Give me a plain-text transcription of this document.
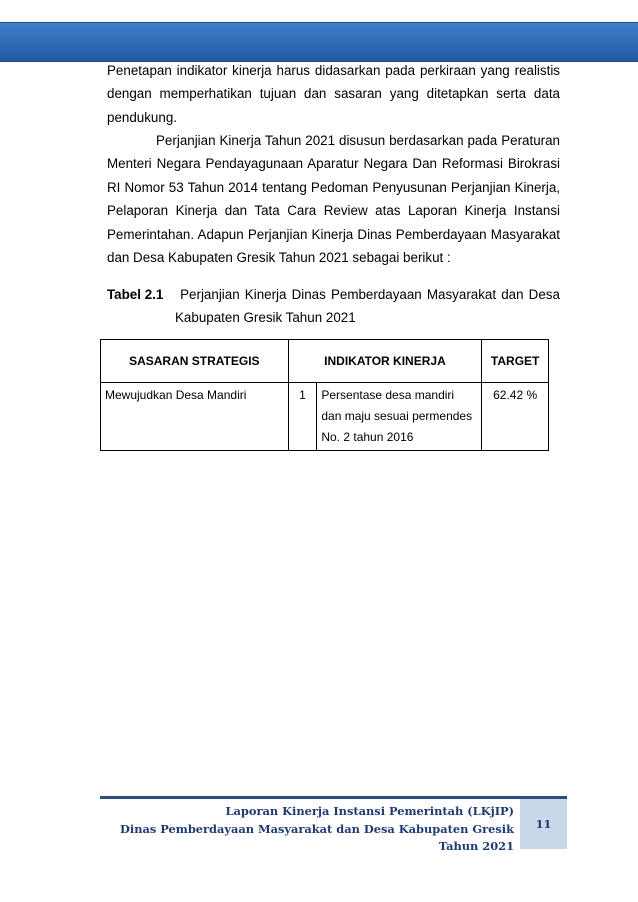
Penetapan indikator kinerja harus didasarkan pada perkiraan yang realistis dengan memperhatikan tujuan dan sasaran yang ditetapkan serta data pendukung.
Perjanjian Kinerja Tahun 2021 disusun berdasarkan pada Peraturan Menteri Negara Pendayagunaan Aparatur Negara Dan Reformasi Birokrasi RI Nomor 53 Tahun 2014 tentang Pedoman Penyusunan Perjanjian Kinerja, Pelaporan Kinerja dan Tata Cara Review atas Laporan Kinerja Instansi Pemerintahan. Adapun Perjanjian Kinerja Dinas Pemberdayaan Masyarakat dan Desa Kabupaten Gresik Tahun 2021 sebagai berikut :
Tabel 2.1	Perjanjian Kinerja Dinas Pemberdayaan Masyarakat dan Desa
Kabupaten Gresik Tahun 2021
SASARAN STRATEGIS	INDIKATOR KINERJA		TARGET
Mewujudkan Desa Mandiri	1	Persentase desa mandiri dan maju sesuai permendes No. 2 tahun 2016	62.42 %
Laporan Kinerja Instansi Pemerintah (LKjIP)
Dinas Pemberdayaan Masyarakat dan Desa Kabupaten Gresik
Tahun 2021
11
